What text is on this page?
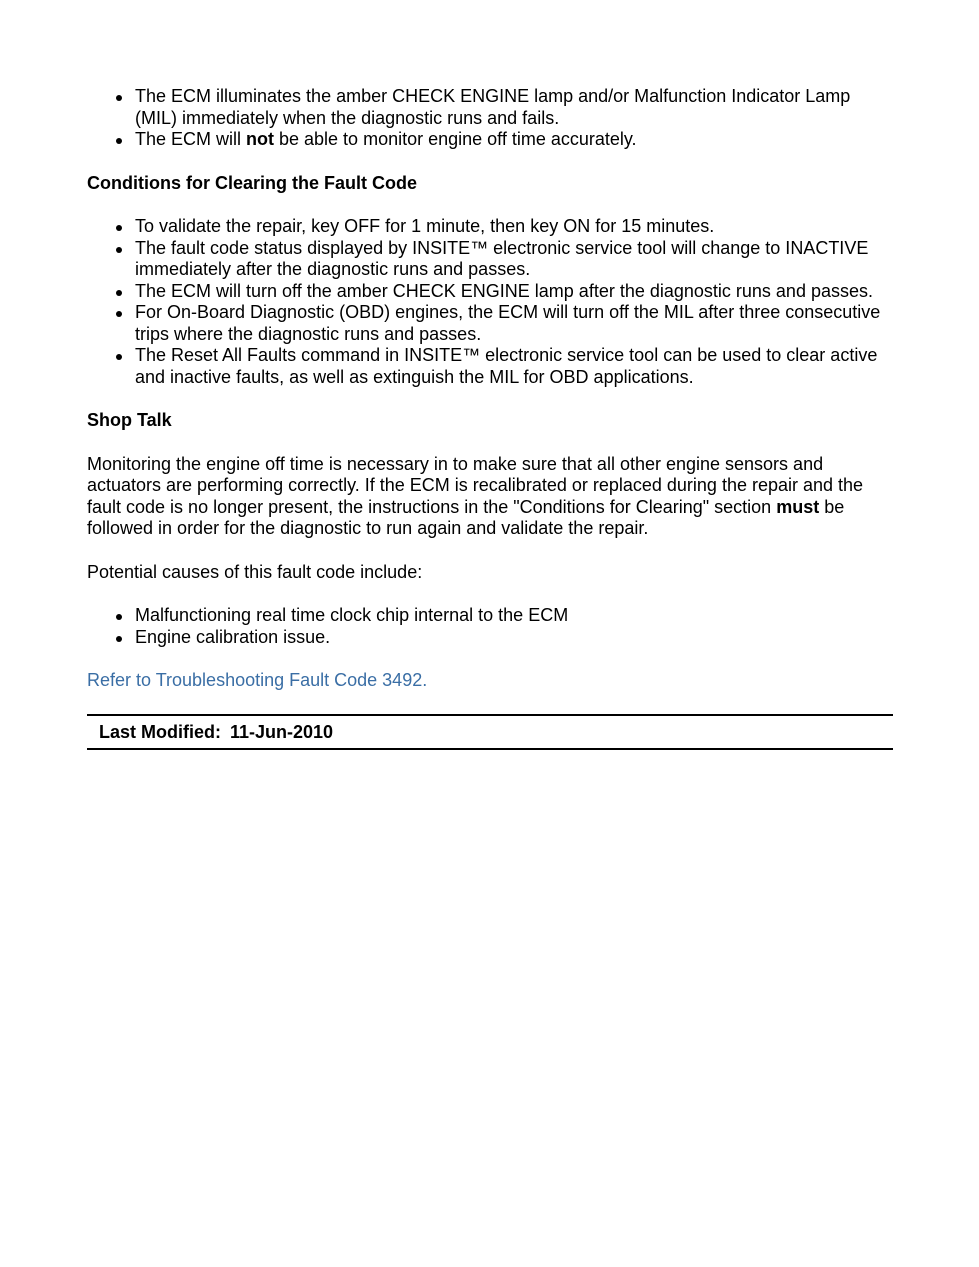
The ECM illuminates the amber CHECK ENGINE lamp and/or Malfunction Indicator Lamp (MIL) immediately when the diagnostic runs and fails.
The ECM will not be able to monitor engine off time accurately.

Conditions for Clearing the Fault Code

To validate the repair, key OFF for 1 minute, then key ON for 15 minutes.
The fault code status displayed by INSITE™ electronic service tool will change to INACTIVE immediately after the diagnostic runs and passes.
The ECM will turn off the amber CHECK ENGINE lamp after the diagnostic runs and passes.
For On-Board Diagnostic (OBD) engines, the ECM will turn off the MIL after three consecutive trips where the diagnostic runs and passes.
The Reset All Faults command in INSITE™ electronic service tool can be used to clear active and inactive faults, as well as extinguish the MIL for OBD applications.

Shop Talk

Monitoring the engine off time is necessary in to make sure that all other engine sensors and actuators are performing correctly. If the ECM is recalibrated or replaced during the repair and the fault code is no longer present, the instructions in the "Conditions for Clearing" section must be followed in order for the diagnostic to run again and validate the repair.

Potential causes of this fault code include:

Malfunctioning real time clock chip internal to the ECM
Engine calibration issue.

Refer to Troubleshooting Fault Code 3492.

Last Modified: 11-Jun-2010
